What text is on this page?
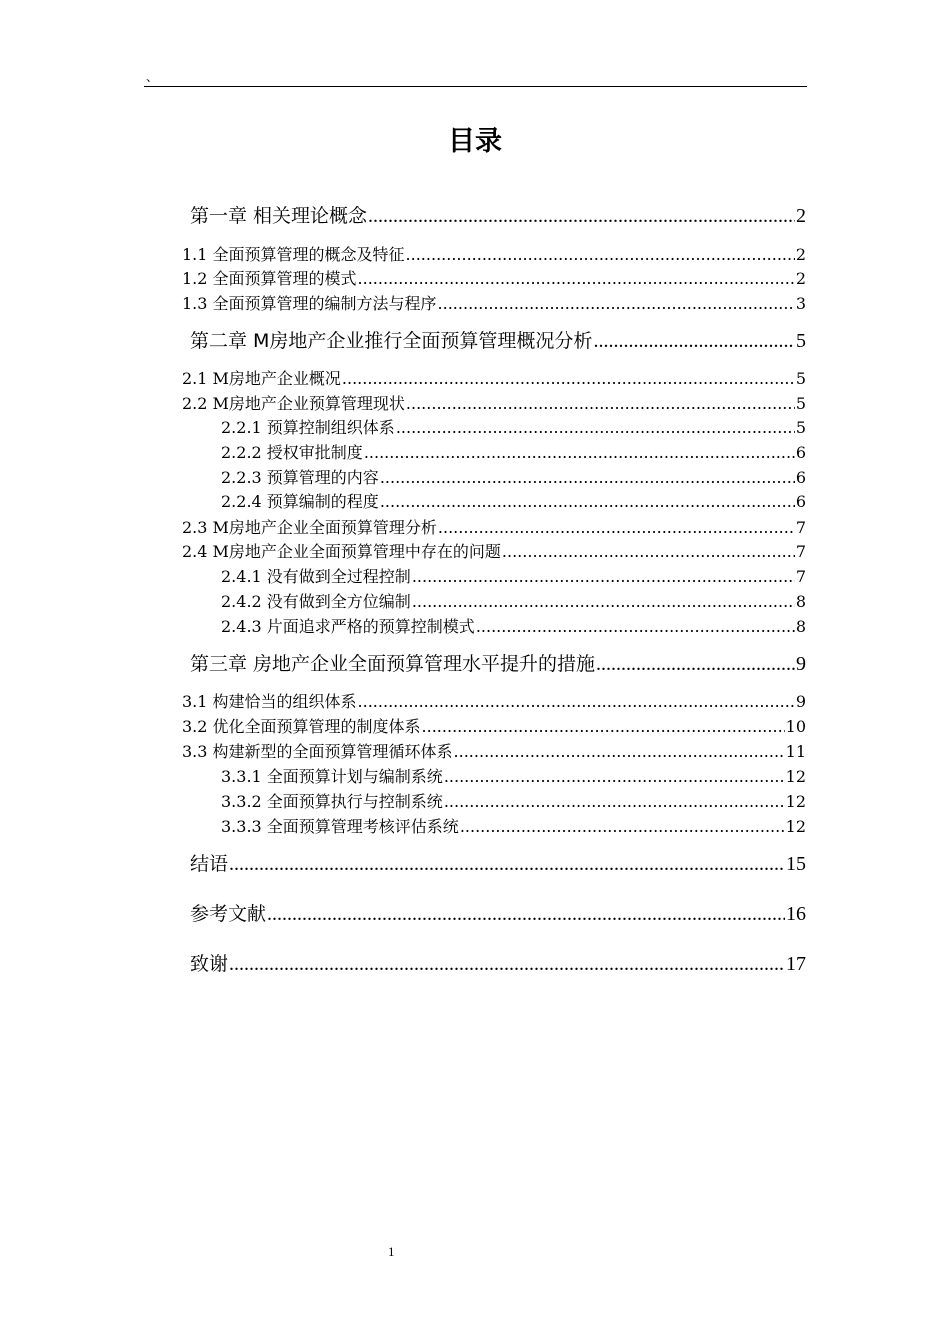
、
目录
第一章 相关理论概念 .....	2
1.1 全面预算管理的概念及特征 .....	2
1.2 全面预算管理的模式 .....	2
1.3 全面预算管理的编制方法与程序 .....	3
第二章 M房地产企业推行全面预算管理概况分析 .....	5
2.1 M房地产企业概况 .....	5
2.2 M房地产企业预算管理现状 .....	5
2.2.1 预算控制组织体系 .....	5
2.2.2 授权审批制度 .....	6
2.2.3 预算管理的内容 .....	6
2.2.4 预算编制的程度 .....	6
2.3 M房地产企业全面预算管理分析 .....	7
2.4 M房地产企业全面预算管理中存在的问题 .....	7
2.4.1 没有做到全过程控制 .....	7
2.4.2 没有做到全方位编制 .....	8
2.4.3 片面追求严格的预算控制模式 .....	8
第三章 房地产企业全面预算管理水平提升的措施 .....	9
3.1 构建恰当的组织体系 .....	9
3.2 优化全面预算管理的制度体系 .....	10
3.3 构建新型的全面预算管理循环体系 .....	11
3.3.1 全面预算计划与编制系统 .....	12
3.3.2 全面预算执行与控制系统 .....	12
3.3.3 全面预算管理考核评估系统 .....	12
结语 .....	15
参考文献 .....	16
致谢 .....	17
1
